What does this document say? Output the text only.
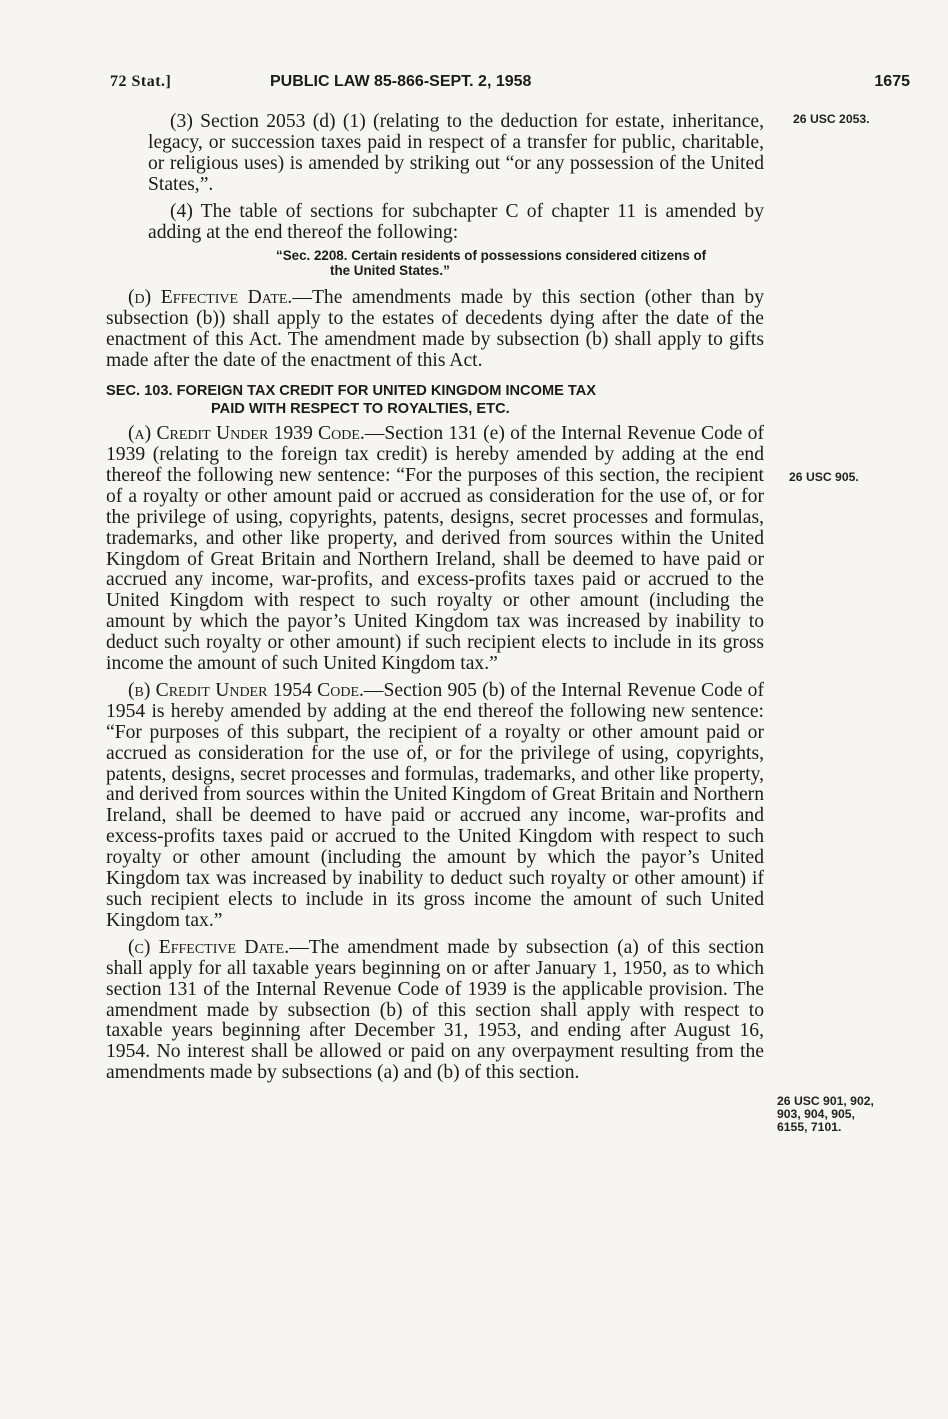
72 Stat.]	PUBLIC LAW 85-866-SEPT. 2, 1958	1675

(3) Section 2053 (d) (1) (relating to the deduction for estate, inheritance, legacy, or succession taxes paid in respect of a transfer for public, charitable, or religious uses) is amended by striking out “or any possession of the United States,”.

(4) The table of sections for subchapter C of chapter 11 is amended by adding at the end thereof the following:

“Sec. 2208. Certain residents of possessions considered citizens of
the United States.”

(d) Effective Date.—The amendments made by this section (other than by subsection (b)) shall apply to the estates of decedents dying after the date of the enactment of this Act. The amendment made by subsection (b) shall apply to gifts made after the date of the enactment of this Act.

SEC. 103. FOREIGN TAX CREDIT FOR UNITED KINGDOM INCOME TAX
PAID WITH RESPECT TO ROYALTIES, ETC.

(a) Credit Under 1939 Code.—Section 131 (e) of the Internal Revenue Code of 1939 (relating to the foreign tax credit) is hereby amended by adding at the end thereof the following new sentence: “For the purposes of this section, the recipient of a royalty or other amount paid or accrued as consideration for the use of, or for the privilege of using, copyrights, patents, designs, secret processes and formulas, trademarks, and other like property, and derived from sources within the United Kingdom of Great Britain and Northern Ireland, shall be deemed to have paid or accrued any income, war-profits, and excess-profits taxes paid or accrued to the United Kingdom with respect to such royalty or other amount (including the amount by which the payor’s United Kingdom tax was increased by inability to deduct such royalty or other amount) if such recipient elects to include in its gross income the amount of such United Kingdom tax.”

(b) Credit Under 1954 Code.—Section 905 (b) of the Internal Revenue Code of 1954 is hereby amended by adding at the end thereof the following new sentence: “For purposes of this subpart, the recipient of a royalty or other amount paid or accrued as consideration for the use of, or for the privilege of using, copyrights, patents, designs, secret processes and formulas, trademarks, and other like property, and derived from sources within the United Kingdom of Great Britain and Northern Ireland, shall be deemed to have paid or accrued any income, war-profits and excess-profits taxes paid or accrued to the United Kingdom with respect to such royalty or other amount (including the amount by which the payor’s United Kingdom tax was increased by inability to deduct such royalty or other amount) if such recipient elects to include in its gross income the amount of such United Kingdom tax.”

(c) Effective Date.—The amendment made by subsection (a) of this section shall apply for all taxable years beginning on or after January 1, 1950, as to which section 131 of the Internal Revenue Code of 1939 is the applicable provision. The amendment made by subsection (b) of this section shall apply with respect to taxable years beginning after December 31, 1953, and ending after August 16, 1954. No interest shall be allowed or paid on any overpayment resulting from the amendments made by subsections (a) and (b) of this section.

26 USC 2053.
26 USC 905.
26 USC 901, 902,
903, 904, 905,
6155, 7101.
